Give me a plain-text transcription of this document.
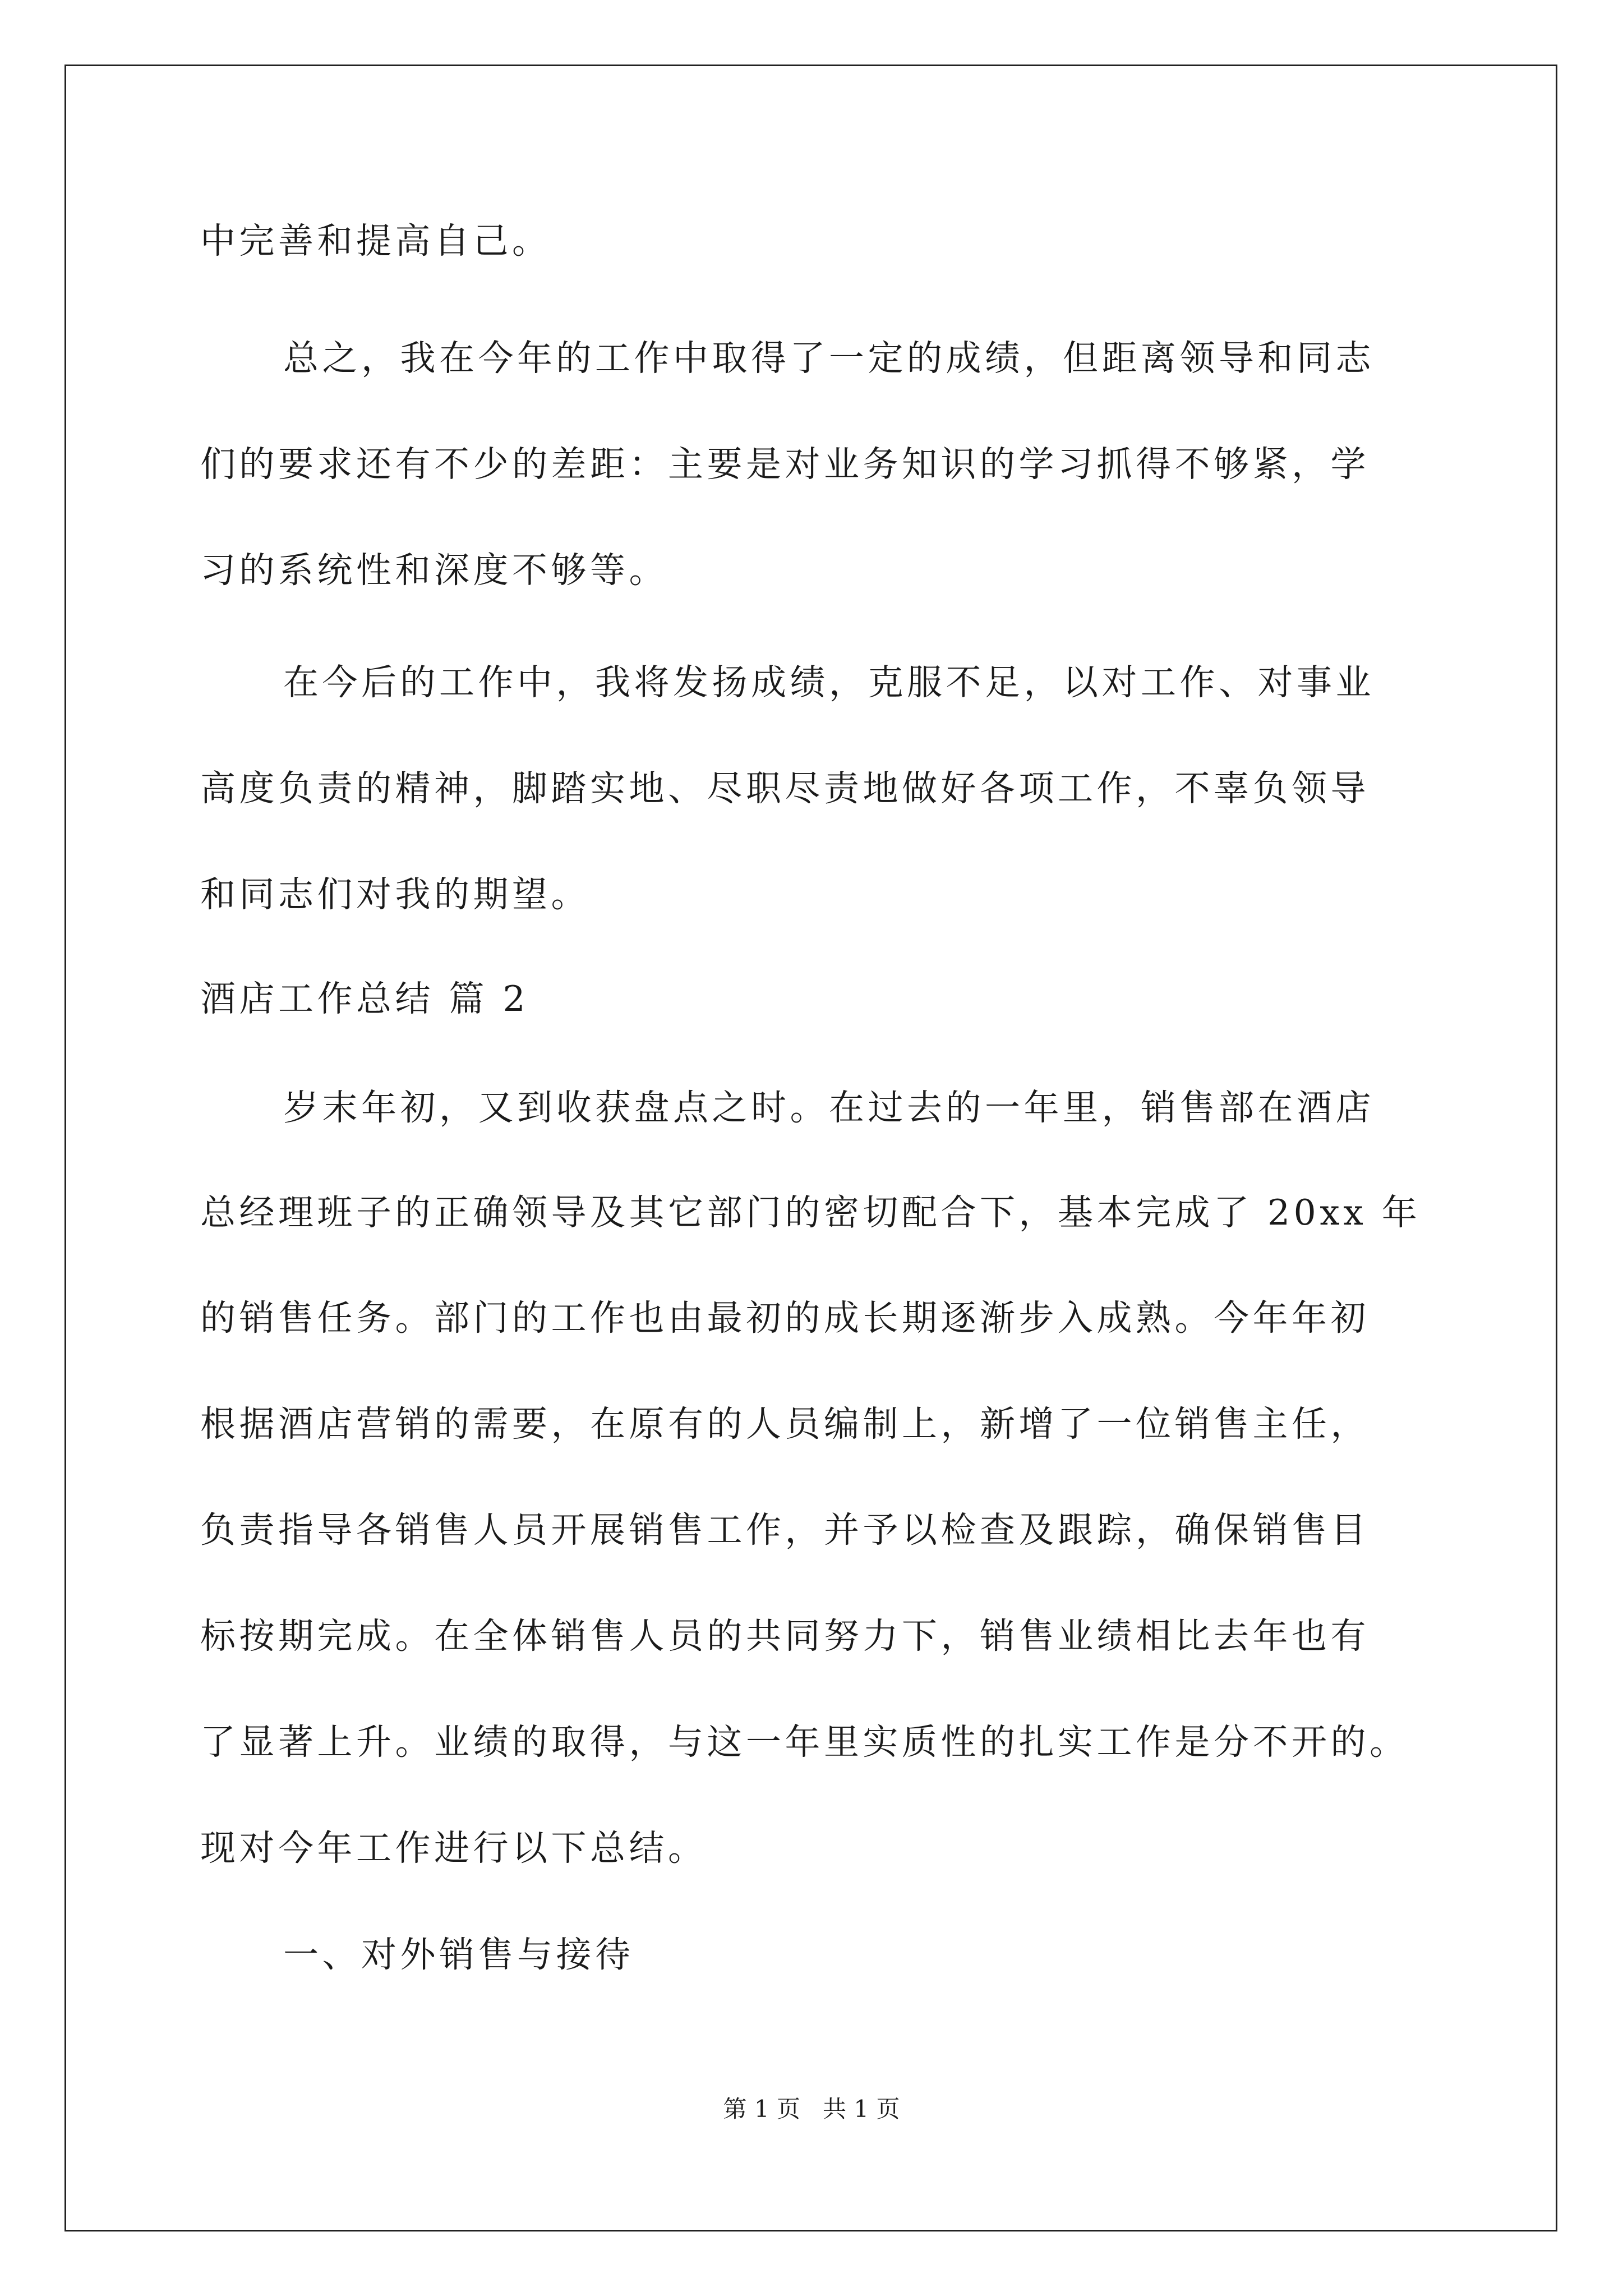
中完善和提高自己。
总之，我在今年的工作中取得了一定的成绩，但距离领导和同志
们的要求还有不少的差距：主要是对业务知识的学习抓得不够紧，学
习的系统性和深度不够等。
在今后的工作中，我将发扬成绩，克服不足，以对工作、对事业
高度负责的精神，脚踏实地、尽职尽责地做好各项工作，不辜负领导
和同志们对我的期望。
酒店工作总结 篇 2
岁末年初，又到收获盘点之时。在过去的一年里，销售部在酒店
总经理班子的正确领导及其它部门的密切配合下，基本完成了 20xx 年
的销售任务。部门的工作也由最初的成长期逐渐步入成熟。今年年初
根据酒店营销的需要，在原有的人员编制上，新增了一位销售主任，
负责指导各销售人员开展销售工作，并予以检查及跟踪，确保销售目
标按期完成。在全体销售人员的共同努力下，销售业绩相比去年也有
了显著上升。业绩的取得，与这一年里实质性的扎实工作是分不开的。
现对今年工作进行以下总结。
一、对外销售与接待
第 1 页   共 1 页
